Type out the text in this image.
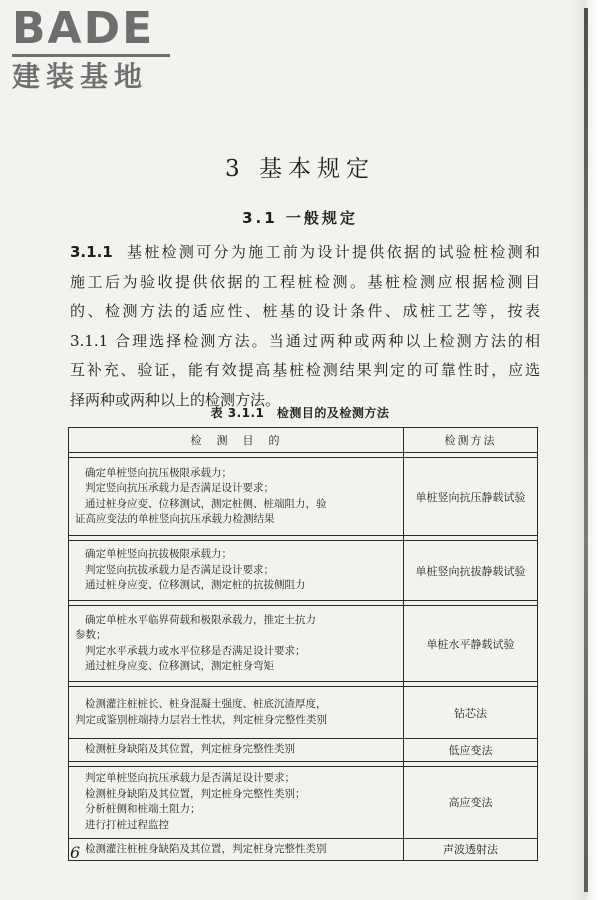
BADE
建装基地
3 基本规定
3.1 一般规定
3.1.1 基桩检测可分为施工前为设计提供依据的试验桩检测和
施工后为验收提供依据的工程桩检测。基桩检测应根据检测目
的、检测方法的适应性、桩基的设计条件、成桩工艺等，按表
3.1.1 合理选择检测方法。当通过两种或两种以上检测方法的相
互补充、验证，能有效提高基桩检测结果判定的可靠性时，应选
择两种或两种以上的检测方法。
表 3.1.1　检测目的及检测方法
检　测　目　的	检测方法

确定单桩竖向抗压极限承载力；
判定竖向抗压承载力是否满足设计要求；
通过桩身应变、位移测试，测定桩侧、桩端阻力，验
证高应变法的单桩竖向抗压承载力检测结果	单桩竖向抗压静载试验

确定单桩竖向抗拔极限承载力；
判定竖向抗拔承载力是否满足设计要求；
通过桩身应变、位移测试，测定桩的抗拔侧阻力	单桩竖向抗拔静载试验

确定单桩水平临界荷载和极限承载力，推定土抗力
参数；
判定水平承载力或水平位移是否满足设计要求；
通过桩身应变、位移测试，测定桩身弯矩	单桩水平静载试验

检测灌注桩桩长、桩身混凝土强度、桩底沉渣厚度，
判定或鉴别桩端持力层岩土性状，判定桩身完整性类别	钻芯法

检测桩身缺陷及其位置，判定桩身完整性类别	低应变法

判定单桩竖向抗压承载力是否满足设计要求；
检测桩身缺陷及其位置，判定桩身完整性类别；
分析桩侧和桩端土阻力；
进行打桩过程监控	高应变法

检测灌注桩桩身缺陷及其位置，判定桩身完整性类别	声波透射法
6
